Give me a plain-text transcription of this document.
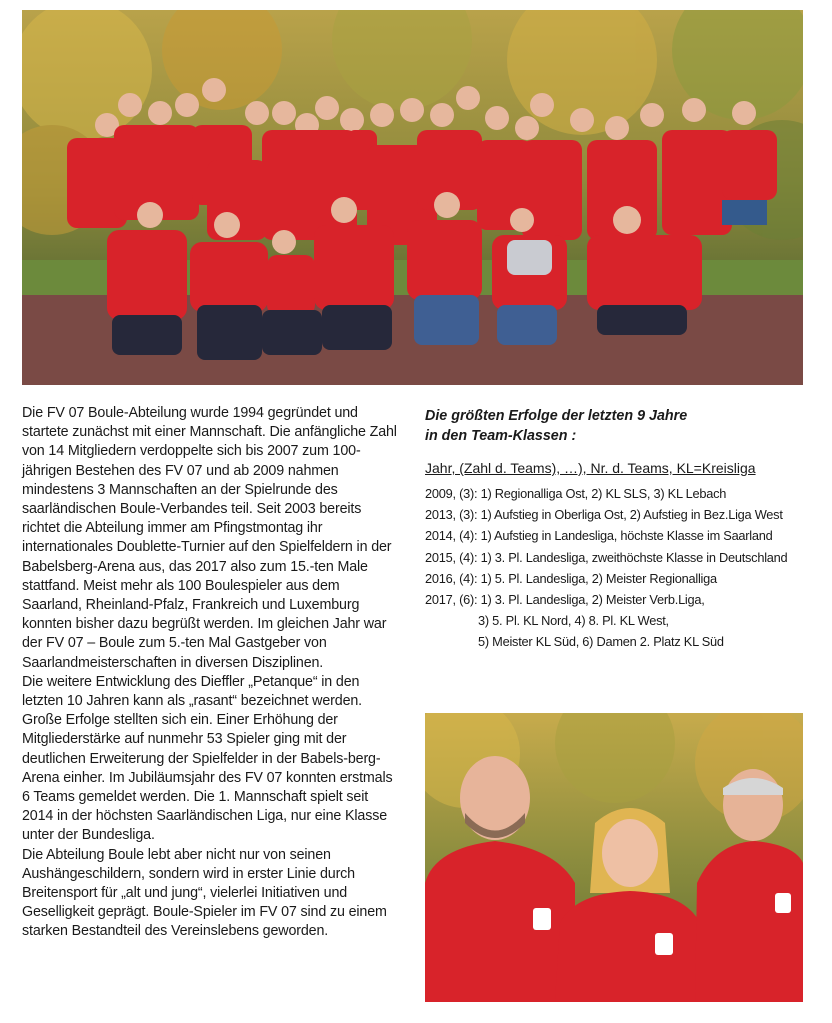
Die FV 07 Boule-Abteilung wurde 1994 gegründet und startete zunächst mit einer Mannschaft. Die anfängliche Zahl von 14 Mitgliedern verdoppelte sich bis 2007 zum 100-jährigen Bestehen des FV 07 und ab 2009 nahmen mindestens 3 Mannschaften an der Spielrunde des saarländischen Boule-Verbandes teil. Seit 2003 bereits richtet die Abteilung immer am Pfingstmontag ihr internationales Doublette-Turnier auf den Spielfeldern in der Babelsberg-Arena aus, das 2017 also zum 15.-ten Male stattfand. Meist mehr als 100 Boulespieler aus dem Saarland, Rheinland-Pfalz, Frankreich und Luxemburg konnten bisher dazu begrüßt werden. Im gleichen Jahr war der FV 07 – Boule zum 5.-ten Mal Gastgeber von Saarlandmeisterschaften in diversen Disziplinen.

Die weitere Entwicklung des Dieffler „Petanque“ in den letzten 10 Jahren kann als „rasant“ bezeichnet werden. Große Erfolge stellten sich ein. Einer Erhöhung der Mitgliederstärke auf nunmehr 53 Spieler ging mit der deutlichen Erweiterung der Spielfelder in der Babels-berg-Arena einher. Im Jubiläumsjahr des FV 07 konnten erstmals 6 Teams gemeldet werden. Die 1. Mannschaft spielt seit 2014 in der höchsten Saarländischen Liga, nur eine Klasse unter der Bundesliga.

Die Abteilung Boule lebt aber nicht nur von seinen Aushängeschildern, sondern wird in erster Linie durch Breitensport für „alt und jung“, vielerlei Initiativen und Geselligkeit geprägt. Boule-Spieler im FV 07 sind zu einem starken Bestandteil des Vereinslebens geworden.

Die größten Erfolge der letzten 9 Jahre
in den Team-Klassen :
Jahr, (Zahl d. Teams), …), Nr. d. Teams, KL=Kreisliga
2009, (3): 1) Regionalliga Ost, 2) KL SLS, 3) KL Lebach
2013, (3): 1) Aufstieg in Oberliga Ost, 2) Aufstieg in Bez.Liga West
2014, (4): 1) Aufstieg in Landesliga, höchste Klasse im Saarland
2015, (4): 1) 3. Pl. Landesliga, zweithöchste Klasse in Deutschland
2016, (4): 1) 5. Pl. Landesliga, 2) Meister Regionalliga
2017, (6): 1) 3. Pl. Landesliga, 2) Meister Verb.Liga,
3) 5. Pl. KL Nord, 4) 8. Pl. KL West,
5) Meister KL Süd, 6) Damen 2. Platz KL Süd
